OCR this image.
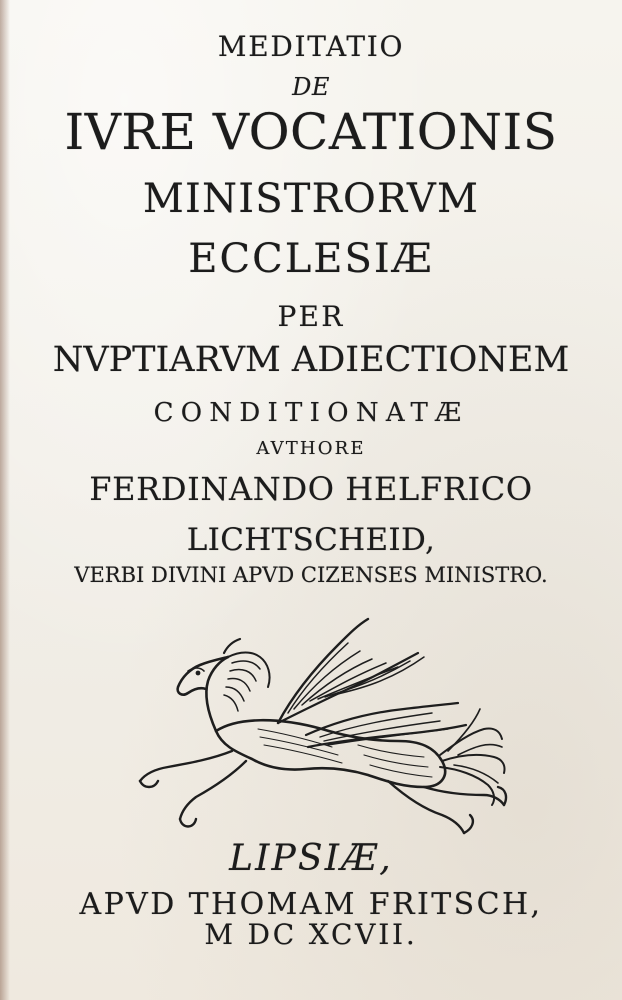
MEDITATIO
DE
IVRE VOCATIONIS
MINISTRORVM
ECCLESIÆ
PER
NVPTIARVM ADIECTIONEM
CONDITIONATÆ
AVTHORE
FERDINANDO HELFRICO
LICHTSCHEID,
VERBI DIVINI APVD CIZENSES MINISTRO.
LIPSIÆ,
APVD THOMAM FRITSCH,
M DC XCVII.
